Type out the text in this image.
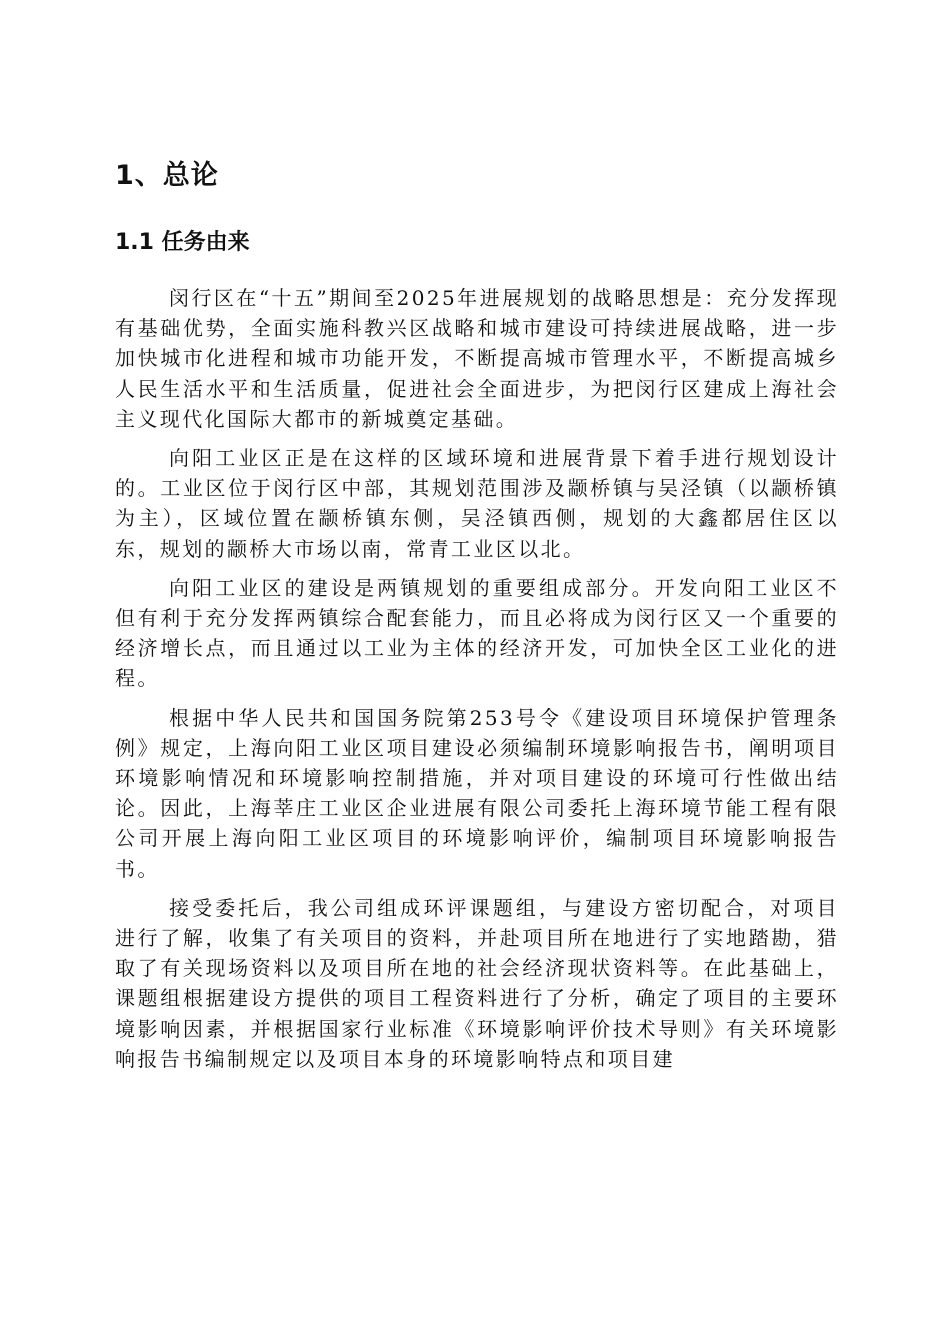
1、总论
1.1 任务由来

闵行区在“十五”期间至2025年进展规划的战略思想是：充分发挥现有基础优势，全面实施科教兴区战略和城市建设可持续进展战略，进一步加快城市化进程和城市功能开发，不断提高城市管理水平，不断提高城乡人民生活水平和生活质量，促进社会全面进步，为把闵行区建成上海社会主义现代化国际大都市的新城奠定基础。

向阳工业区正是在这样的区域环境和进展背景下着手进行规划设计的。工业区位于闵行区中部，其规划范围涉及颛桥镇与吴泾镇（以颛桥镇为主），区域位置在颛桥镇东侧，吴泾镇西侧，规划的大鑫都居住区以东，规划的颛桥大市场以南，常青工业区以北。

向阳工业区的建设是两镇规划的重要组成部分。开发向阳工业区不但有利于充分发挥两镇综合配套能力，而且必将成为闵行区又一个重要的经济增长点，而且通过以工业为主体的经济开发，可加快全区工业化的进程。

根据中华人民共和国国务院第253号令《建设项目环境保护管理条例》规定，上海向阳工业区项目建设必须编制环境影响报告书，阐明项目环境影响情况和环境影响控制措施，并对项目建设的环境可行性做出结论。因此，上海莘庄工业区企业进展有限公司委托上海环境节能工程有限公司开展上海向阳工业区项目的环境影响评价，编制项目环境影响报告书。

接受委托后，我公司组成环评课题组，与建设方密切配合，对项目进行了解，收集了有关项目的资料，并赴项目所在地进行了实地踏勘，猎取了有关现场资料以及项目所在地的社会经济现状资料等。在此基础上，课题组根据建设方提供的项目工程资料进行了分析，确定了项目的主要环境影响因素，并根据国家行业标准《环境影响评价技术导则》有关环境影响报告书编制规定以及项目本身的环境影响特点和项目建
